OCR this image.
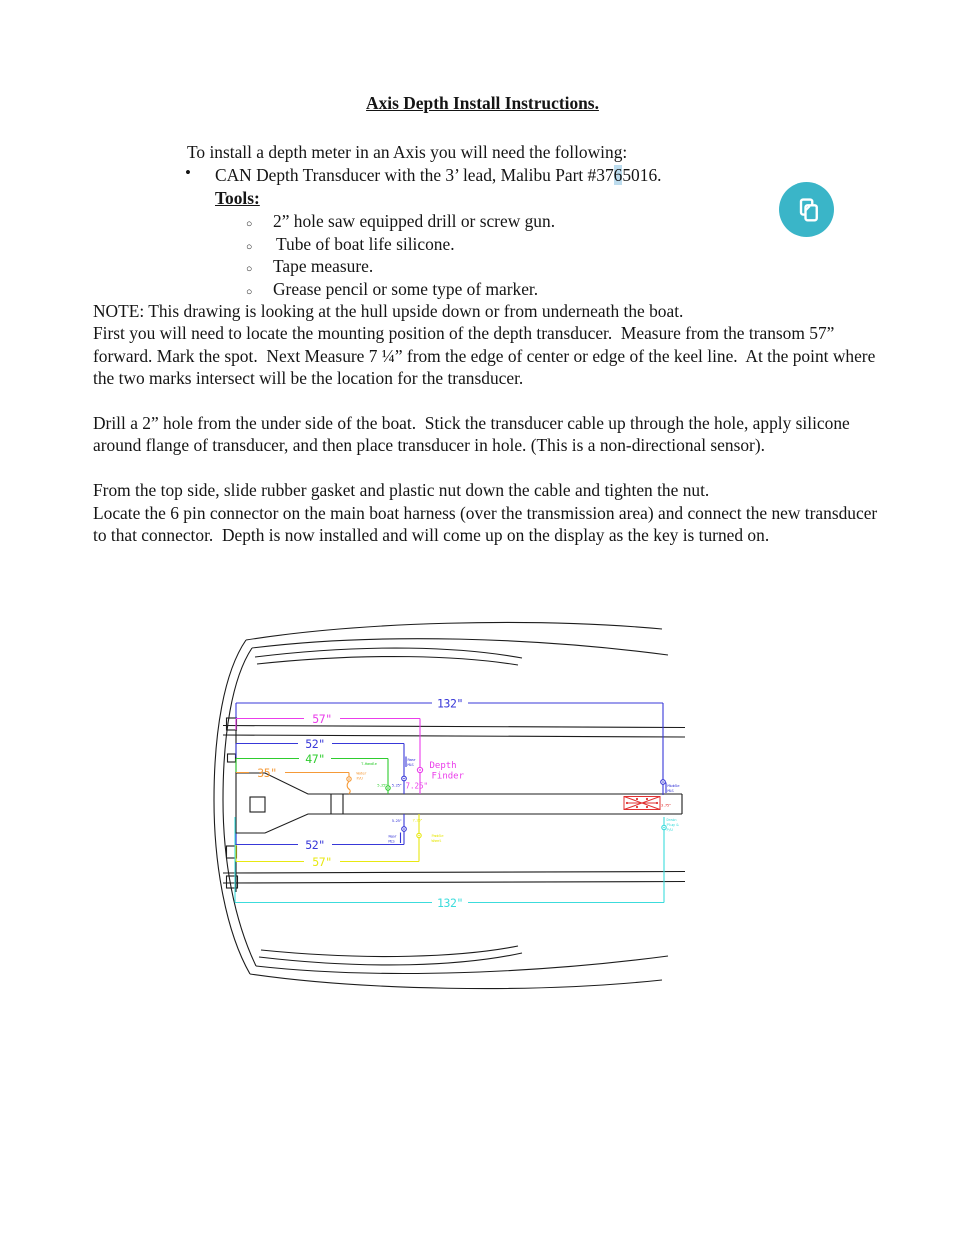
Axis Depth Install Instructions.
To install a depth meter in an Axis you will need the following:
• CAN Depth Transducer with the 3’ lead, Malibu Part #3765016.
Tools:
○ 2” hole saw equipped drill or screw gun.
○ Tube of boat life silicone.
○ Tape measure.
○ Grease pencil or some type of marker.
NOTE: This drawing is looking at the hull upside down or from underneath the boat.
First you will need to locate the mounting position of the depth transducer.  Measure from the transom 57” forward. Mark the spot.  Next Measure 7 ¼” from the edge of center or edge of the keel line.  At the point where the two marks intersect will be the location for the transducer.
Drill a 2” hole from the under side of the boat.  Stick the transducer cable up through the hole, apply silicone around flange of transducer, and then place transducer in hole. (This is a non-directional sensor).
From the top side, slide rubber gasket and plastic nut down the cable and tighten the nut.
Locate the 6 pin connector on the main boat harness (over the transmission area) and connect the new transducer to that connector.  Depth is now installed and will come up on the display as the key is turned on.
3.75"
132"
Middle
MLS
57"
Depth
Finder
7.25"
52"
Rear
MLS
5.25"
47"	T-Handle
5.25"
35"	Water
P/U
52"
5.25"
Rear
MLS
57"
7.25"
Paddle
Wheel
132"
Drain
Plug &
P/U
